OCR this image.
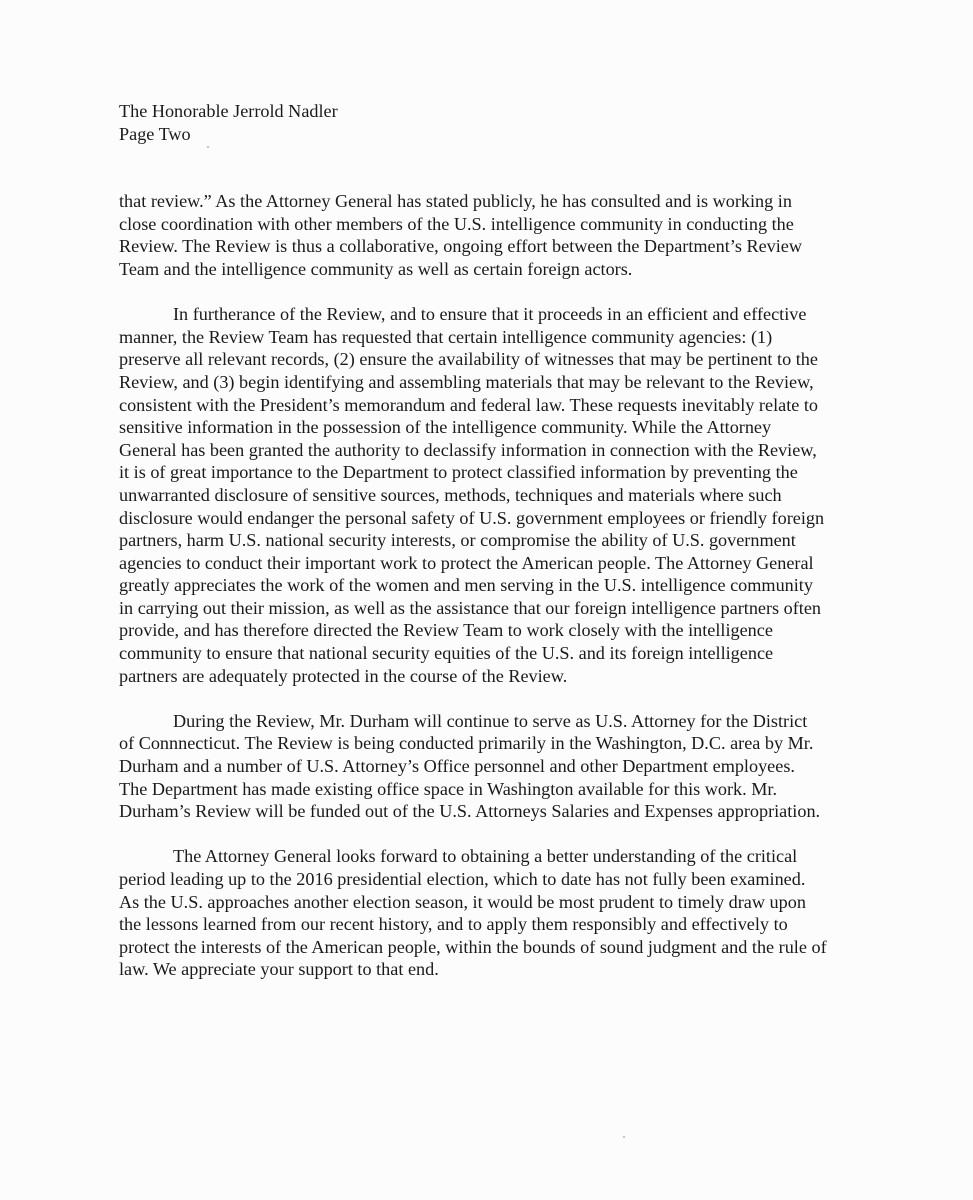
The Honorable Jerrold Nadler
Page Two
that review.” As the Attorney General has stated publicly, he has consulted and is working in
close coordination with other members of the U.S. intelligence community in conducting the
Review. The Review is thus a collaborative, ongoing effort between the Department’s Review
Team and the intelligence community as well as certain foreign actors.
In furtherance of the Review, and to ensure that it proceeds in an efficient and effective
manner, the Review Team has requested that certain intelligence community agencies: (1)
preserve all relevant records, (2) ensure the availability of witnesses that may be pertinent to the
Review, and (3) begin identifying and assembling materials that may be relevant to the Review,
consistent with the President’s memorandum and federal law. These requests inevitably relate to
sensitive information in the possession of the intelligence community. While the Attorney
General has been granted the authority to declassify information in connection with the Review,
it is of great importance to the Department to protect classified information by preventing the
unwarranted disclosure of sensitive sources, methods, techniques and materials where such
disclosure would endanger the personal safety of U.S. government employees or friendly foreign
partners, harm U.S. national security interests, or compromise the ability of U.S. government
agencies to conduct their important work to protect the American people. The Attorney General
greatly appreciates the work of the women and men serving in the U.S. intelligence community
in carrying out their mission, as well as the assistance that our foreign intelligence partners often
provide, and has therefore directed the Review Team to work closely with the intelligence
community to ensure that national security equities of the U.S. and its foreign intelligence
partners are adequately protected in the course of the Review.
During the Review, Mr. Durham will continue to serve as U.S. Attorney for the District
of Connnecticut. The Review is being conducted primarily in the Washington, D.C. area by Mr.
Durham and a number of U.S. Attorney’s Office personnel and other Department employees.
The Department has made existing office space in Washington available for this work. Mr.
Durham’s Review will be funded out of the U.S. Attorneys Salaries and Expenses appropriation.
The Attorney General looks forward to obtaining a better understanding of the critical
period leading up to the 2016 presidential election, which to date has not fully been examined.
As the U.S. approaches another election season, it would be most prudent to timely draw upon
the lessons learned from our recent history, and to apply them responsibly and effectively to
protect the interests of the American people, within the bounds of sound judgment and the rule of
law. We appreciate your support to that end.
